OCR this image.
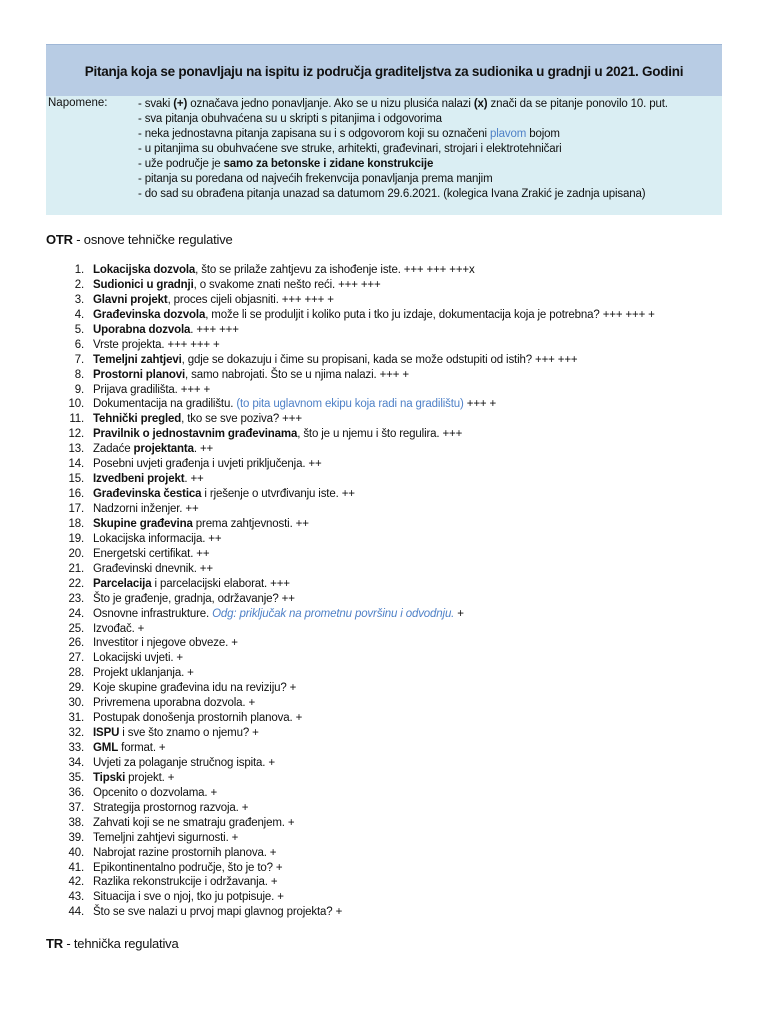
Pitanja koja se ponavljaju na ispitu iz područja graditeljstva za sudionika u gradnji u 2021. Godini
Napomene:	- svaki (+) označava jedno ponavljanje. Ako se u nizu plusića nalazi (x) znači da se pitanje ponovilo 10. put.
- sva pitanja obuhvaćena su u skripti s pitanjima i odgovorima
- neka jednostavna pitanja zapisana su i s odgovorom koji su označeni plavom bojom
- u pitanjima su obuhvaćene sve struke, arhitekti, građevinari, strojari i elektrotehničari
- uže područje je samo za betonske i zidane konstrukcije
- pitanja su poredana od najvećih frekenvcija ponavljanja prema manjim
- do sad su obrađena pitanja unazad sa datumom 29.6.2021. (kolegica Ivana Zrakić je zadnja upisana)
OTR - osnove tehničke regulative
1. Lokacijska dozvola, što se prilaže zahtjevu za ishođenje iste. +++ +++ +++x
2. Sudionici u gradnji, o svakome znati nešto reći. +++ +++
3. Glavni projekt, proces cijeli objasniti. +++ +++ +
4. Građevinska dozvola, može li se produljit i koliko puta i tko ju izdaje, dokumentacija koja je potrebna? +++ +++ +
5. Uporabna dozvola. +++ +++
6. Vrste projekta. +++ +++ +
7. Temeljni zahtjevi, gdje se dokazuju i čime su propisani, kada se može odstupiti od istih? +++ +++
8. Prostorni planovi, samo nabrojati. Što se u njima nalazi. +++ +
9. Prijava gradilišta. +++ +
10. Dokumentacija na gradilištu. (to pita uglavnom ekipu koja radi na gradilištu) +++ +
11. Tehnički pregled, tko se sve poziva? +++
12. Pravilnik o jednostavnim građevinama, što je u njemu i što regulira. +++
13. Zadaće projektanta. ++
14. Posebni uvjeti građenja i uvjeti priključenja. ++
15. Izvedbeni projekt. ++
16. Građevinska čestica i rješenje o utvrđivanju iste. ++
17. Nadzorni inženjer. ++
18. Skupine građevina prema zahtjevnosti. ++
19. Lokacijska informacija. ++
20. Energetski certifikat. ++
21. Građevinski dnevnik. ++
22. Parcelacija i parcelacijski elaborat. +++
23. Što je građenje, gradnja, održavanje? ++
24. Osnovne infrastrukture. Odg: priključak na prometnu površinu i odvodnju. +
25. Izvođač. +
26. Investitor i njegove obveze. +
27. Lokacijski uvjeti. +
28. Projekt uklanjanja. +
29. Koje skupine građevina idu na reviziju? +
30. Privremena uporabna dozvola. +
31. Postupak donošenja prostornih planova. +
32. ISPU i sve što znamo o njemu? +
33. GML format. +
34. Uvjeti za polaganje stručnog ispita. +
35. Tipski projekt. +
36. Opcenito o dozvolama. +
37. Strategija prostornog razvoja. +
38. Zahvati koji se ne smatraju građenjem. +
39. Temeljni zahtjevi sigurnosti. +
40. Nabrojat razine prostornih planova. +
41. Epikontinentalno područje, što je to? +
42. Razlika rekonstrukcije i održavanja. +
43. Situacija i sve o njoj, tko ju potpisuje. +
44. Što se sve nalazi u prvoj mapi glavnog projekta? +
TR - tehnička regulativa
